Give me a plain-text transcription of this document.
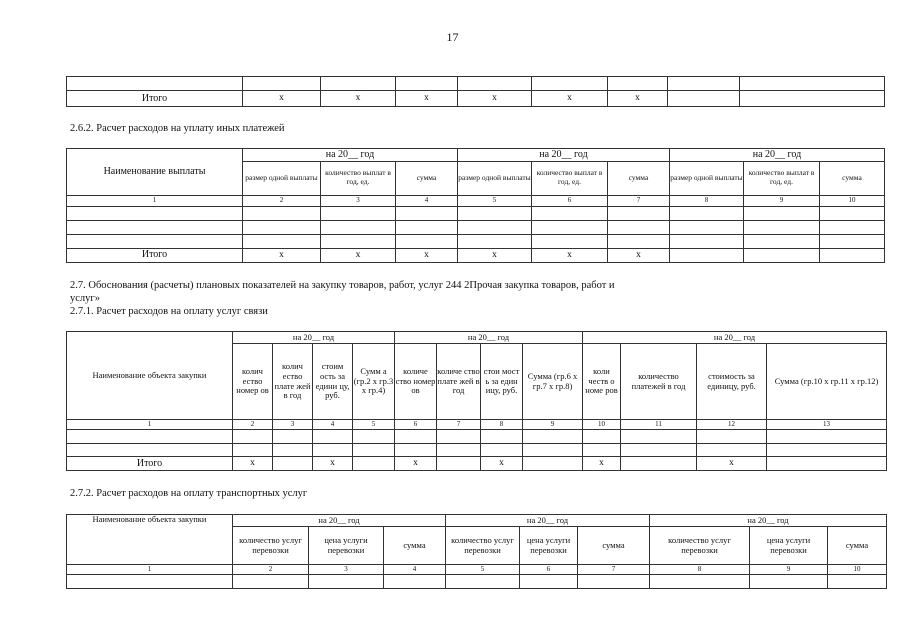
17

Итого	x	x	x	x	x	x		
2.6.2. Расчет расходов на уплату иных платежей
Наименование выплаты	на 20__ год			на 20__ год			на 20__ год		
	размер одной выплаты	количество выплат в год, ед.	сумма	размер одной выплаты	количество выплат в год, ед.	сумма	размер одной выплаты	количество выплат в год, ед.	сумма
1	2	3	4	5	6	7	8	9	10

Итого	x	x	x	x	x	x			
2.7. Обоснования (расчеты) плановых показателей на закупку товаров, работ, услуг 244 2Прочая закупка товаров, работ и
услуг»
2.7.1. Расчет расходов на оплату услуг связи
Наименование объекта закупки	на 20__ год				на 20__ год				на 20__ год			
	колич ество номер ов	колич ество плате жей в год	стоим ость за едини цу, руб.	Сумм а (гр.2 х гр.3 х гр.4)	количе ство номер ов	количе ство плате жей в год	стои мост ь за един ицу, руб.	Сумма (гр.6 х гр.7 х гр.8)	коли честв о номе ров	количество платежей в год	стоимость за единицу, руб.	Сумма (гр.10 х гр.11 х гр.12)
1	2	3	4	5	6	7	8	9	10	11	12	13

Итого	x		x		x		x		x		x	
2.7.2. Расчет расходов на оплату транспортных услуг
Наименование объекта закупки	на 20__ год			на 20__ год			на 20__ год		
	количество услуг перевозки	цена услуги перевозки	сумма	количество услуг перевозки	цена услуги перевозки	сумма	количество услуг перевозки	цена услуги перевозки	сумма
1	2	3	4	5	6	7	8	9	10
